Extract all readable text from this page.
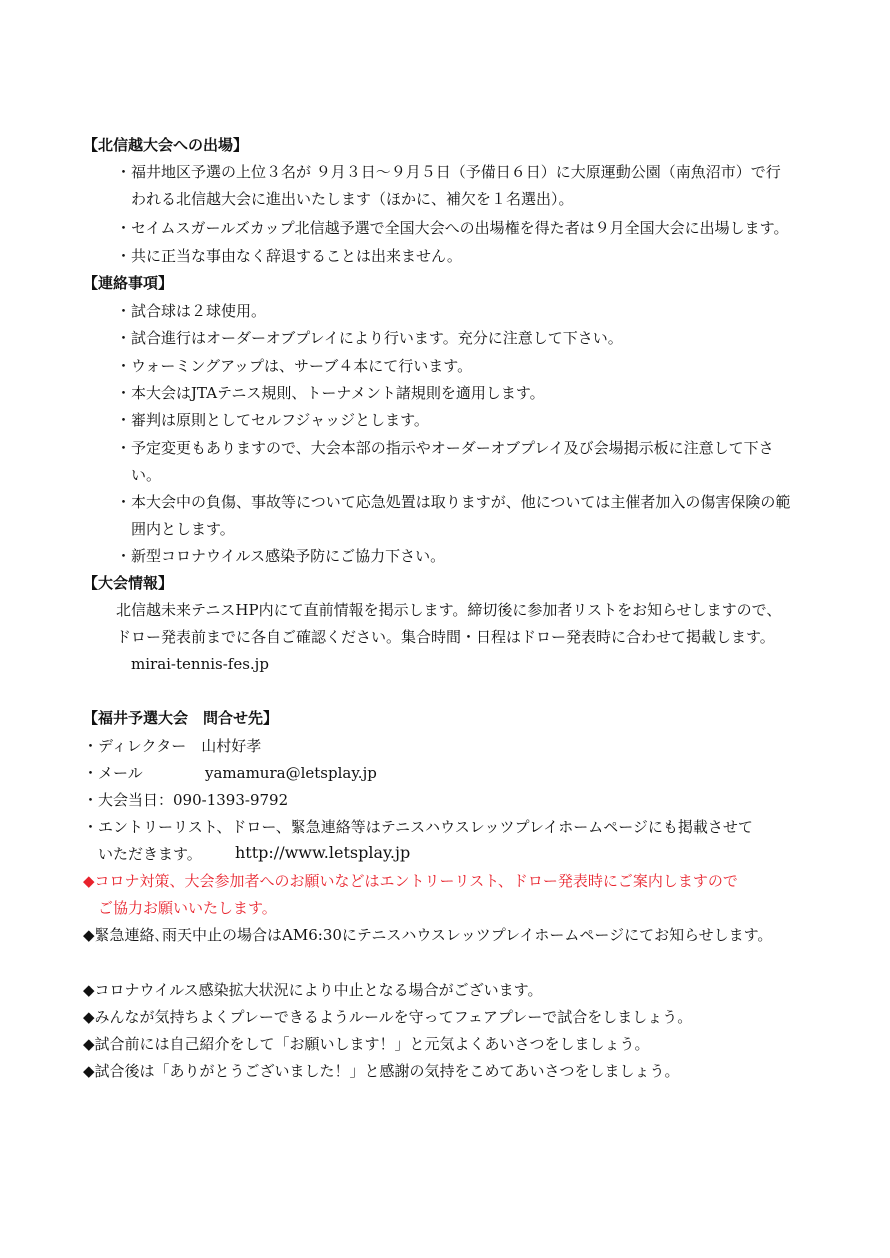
【北信越大会への出場】
・福井地区予選の上位３名が ９月３日〜９月５日（予備日６日）に大原運動公園（南魚沼市）で行
われる北信越大会に進出いたします（ほかに、補欠を１名選出）。
・セイムスガールズカップ北信越予選で全国大会への出場権を得た者は９月全国大会に出場します。
・共に正当な事由なく辞退することは出来ません。
【連絡事項】
・試合球は２球使用。
・試合進行はオーダーオブプレイにより行います。充分に注意して下さい。
・ウォーミングアップは、サーブ４本にて行います。
・本大会はJTAテニス規則、トーナメント諸規則を適用します。
・審判は原則としてセルフジャッジとします。
・予定変更もありますので、大会本部の指示やオーダーオブプレイ及び会場掲示板に注意して下さ
い。
・本大会中の負傷、事故等について応急処置は取りますが、他については主催者加入の傷害保険の範
囲内とします。
・新型コロナウイルス感染予防にご協力下さい。
【大会情報】
北信越未来テニスHP内にて直前情報を掲示します。締切後に参加者リストをお知らせしますので、
ドロー発表前までに各自ご確認ください。集合時間・日程はドロー発表時に合わせて掲載します。
mirai-tennis-fes.jp
【福井予選大会　問合せ先】
・ディレクター　山村好孝
・メール	yamamura@letsplay.jp
・大会当日：090-1393-9792
・エントリーリスト、ドロー、緊急連絡等はテニスハウスレッツプレイホームページにも掲載させて
いただきます。 http://www.letsplay.jp
◆コロナ対策、大会参加者へのお願いなどはエントリーリスト、ドロー発表時にご案内しますので
ご協力お願いいたします。
◆緊急連絡､雨天中止の場合はAM6:30にテニスハウスレッツプレイホームページにてお知らせします。
◆コロナウイルス感染拡大状況により中止となる場合がございます。
◆みんなが気持ちよくプレーできるようルールを守ってフェアプレーで試合をしましょう。
◆試合前には自己紹介をして「お願いします！」と元気よくあいさつをしましょう。
◆試合後は「ありがとうございました！」と感謝の気持をこめてあいさつをしましょう。
